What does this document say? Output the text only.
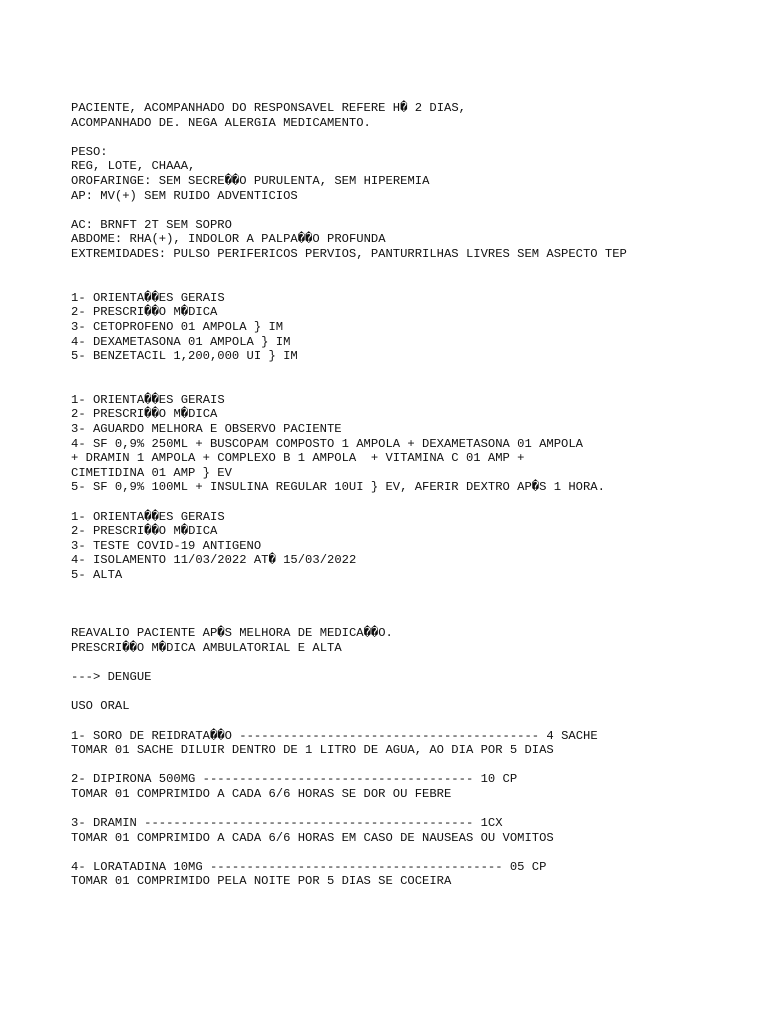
PACIENTE, ACOMPANHADO DO RESPONSAVEL REFERE H� 2 DIAS,
ACOMPANHADO DE. NEGA ALERGIA MEDICAMENTO.
PESO:
REG, LOTE, CHAAA,
OROFARINGE: SEM SECRE��O PURULENTA, SEM HIPEREMIA
AP: MV(+) SEM RUIDO ADVENTICIOS
AC: BRNFT 2T SEM SOPRO
ABDOME: RHA(+), INDOLOR A PALPA��O PROFUNDA
EXTREMIDADES: PULSO PERIFERICOS PERVIOS, PANTURRILHAS LIVRES SEM ASPECTO TEP
1- ORIENTA��ES GERAIS
2- PRESCRI��O M�DICA
3- CETOPROFENO 01 AMPOLA } IM
4- DEXAMETASONA 01 AMPOLA } IM
5- BENZETACIL 1,200,000 UI } IM
1- ORIENTA��ES GERAIS
2- PRESCRI��O M�DICA
3- AGUARDO MELHORA E OBSERVO PACIENTE
4- SF 0,9% 250ML + BUSCOPAM COMPOSTO 1 AMPOLA + DEXAMETASONA 01 AMPOLA
+ DRAMIN 1 AMPOLA + COMPLEXO B 1 AMPOLA  + VITAMINA C 01 AMP +
CIMETIDINA 01 AMP } EV
5- SF 0,9% 100ML + INSULINA REGULAR 10UI } EV, AFERIR DEXTRO AP�S 1 HORA.
1- ORIENTA��ES GERAIS
2- PRESCRI��O M�DICA
3- TESTE COVID-19 ANTIGENO
4- ISOLAMENTO 11/03/2022 AT� 15/03/2022
5- ALTA
REAVALIO PACIENTE AP�S MELHORA DE MEDICA��O.
PRESCRI��O M�DICA AMBULATORIAL E ALTA
---> DENGUE
USO ORAL
1- SORO DE REIDRATA��O ----------------------------------------- 4 SACHE
TOMAR 01 SACHE DILUIR DENTRO DE 1 LITRO DE AGUA, AO DIA POR 5 DIAS
2- DIPIRONA 500MG ------------------------------------- 10 CP
TOMAR 01 COMPRIMIDO A CADA 6/6 HORAS SE DOR OU FEBRE
3- DRAMIN --------------------------------------------- 1CX
TOMAR 01 COMPRIMIDO A CADA 6/6 HORAS EM CASO DE NAUSEAS OU VOMITOS
4- LORATADINA 10MG ---------------------------------------- 05 CP
TOMAR 01 COMPRIMIDO PELA NOITE POR 5 DIAS SE COCEIRA
